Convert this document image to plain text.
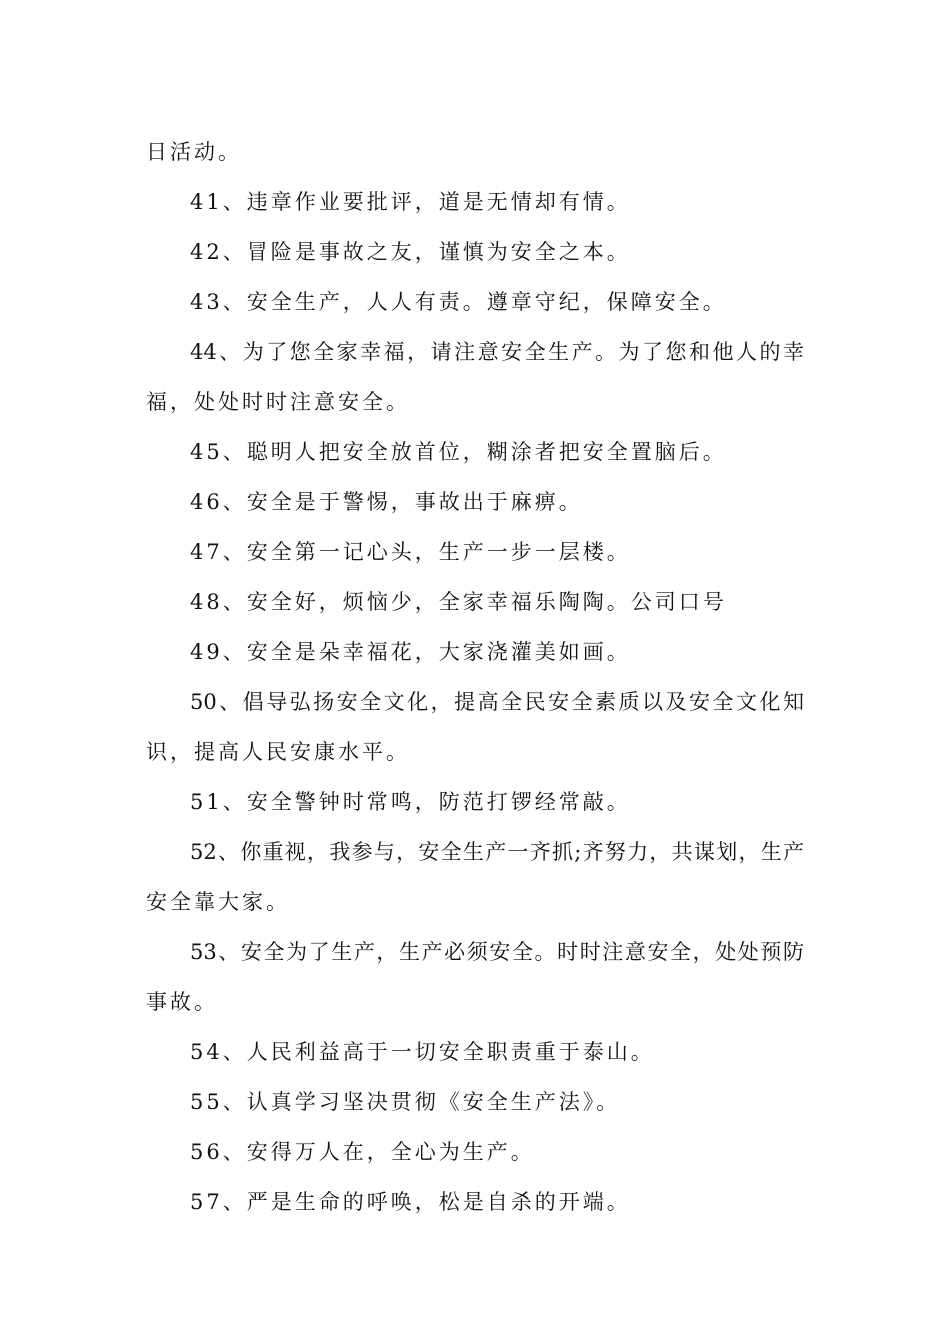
日活动。
41、违章作业要批评，道是无情却有情。
42、冒险是事故之友，谨慎为安全之本。
43、安全生产，人人有责。遵章守纪，保障安全。
44、为了您全家幸福，请注意安全生产。为了您和他人的幸
福，处处时时注意安全。
45、聪明人把安全放首位，糊涂者把安全置脑后。
46、安全是于警惕，事故出于麻痹。
47、安全第一记心头，生产一步一层楼。
48、安全好，烦恼少，全家幸福乐陶陶。公司口号
49、安全是朵幸福花，大家浇灌美如画。
50、倡导弘扬安全文化，提高全民安全素质以及安全文化知
识，提高人民安康水平。
51、安全警钟时常鸣，防范打锣经常敲。
52、你重视，我参与，安全生产一齐抓;齐努力，共谋划，生产
安全靠大家。
53、安全为了生产，生产必须安全。时时注意安全，处处预防
事故。
54、人民利益高于一切安全职责重于泰山。
55、认真学习坚决贯彻《安全生产法》。
56、安得万人在，全心为生产。
57、严是生命的呼唤，松是自杀的开端。
